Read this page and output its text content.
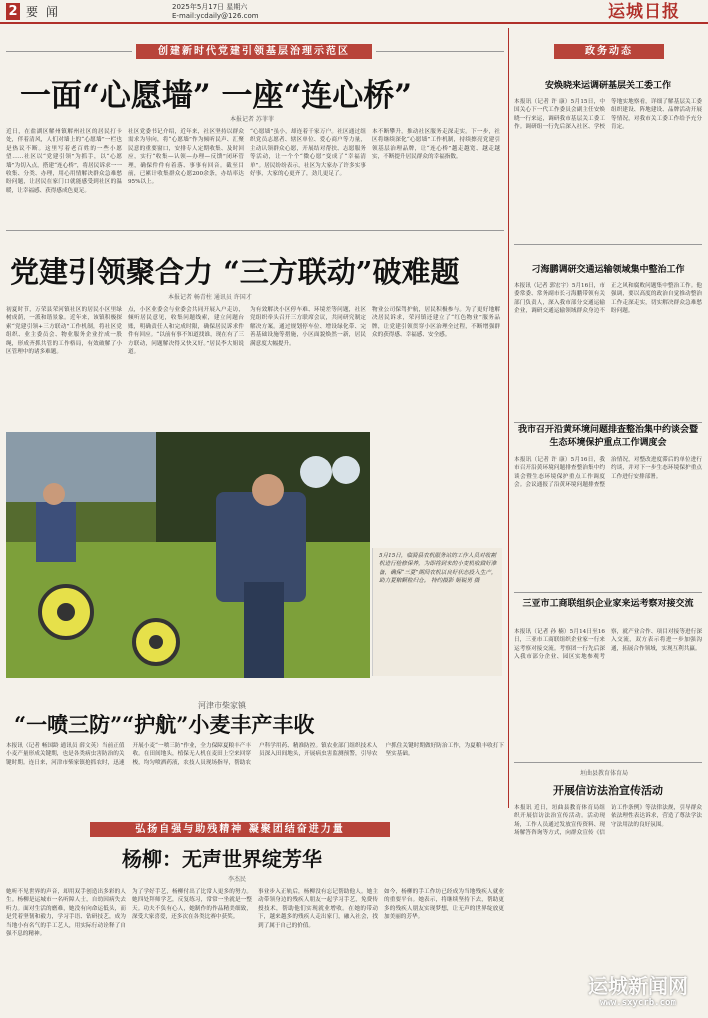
2 要 闻	2025年5月17日 星期六
E-mail:ycdaily@126.com	运城日报
创建新时代党建引领基层治理示范区
一面“心愿墙” 一座“连心桥”
本报记者 苏菲菲
近日，在盐湖区解州镇解州社区的居民打卡处，伴着清风，人们对墙上的“心愿墙”一栏也是热议不断。这里写着老百姓的一些小愿望……社区以“党建引领”为抓手，以“心愿墙”为切入点，搭建“连心桥”，将居民诉求一一收集、分类、办理，用心用情解决群众急难愁盼问题，让居民在家门口就能感受到社区的温暖，让幸福感、获得感成色更足。
社区党委书记介绍，近年来，社区坚持以群众需求为导向，将“心愿墙”作为倾听民声、汇聚民意的重要窗口，安排专人定期收集、及时回应，实行“收集—认领—办理—反馈”闭环管理，确保件件有着落、事事有回音。截至目前，已累计收集群众心愿200余条，办结率达95%以上。
“心愿墙”虽小，却连着千家万户。社区通过组织党员志愿者、辖区单位、爱心商户等力量，主动认领群众心愿，开展结对帮扶、志愿服务等活动，让一个个“微心愿”变成了“幸福清单”。居民纷纷表示，社区为大家办了许多实事好事，大家的心更齐了，劲儿更足了。
本不断攀升，推动社区服务走深走实。下一步，社区将继续深化“心愿墙”工作机制，持续擦亮党建引领基层治理品牌，让“连心桥”越走越宽、越走越实，不断提升居民群众的幸福指数。
党建引领聚合力 “三方联动”破难题
本报记者 畅青柱 通讯员 许国才
初夏时节，万荣县荣河镇社区的居民小区里绿树成荫，一派和谐景象。近年来，该镇积极探索“党建引领+三方联动”工作机制，将社区党组织、业主委员会、物业服务企业拧成一股绳，形成齐抓共管的工作格局，有效破解了小区管理中的诸多难题。
点，小区业委会与业委会共同开展入户走访，倾听居民意见，收集问题线索，建立问题台账，明确责任人和完成时限，确保居民诉求件件有回应。“以前有事不知道找谁，现在有了三方联动，问题解决得又快又好。”居民李大姐说道。
为有效解决小区停车难、环境差等问题，社区党组织牵头召开三方联席会议，共同研究制定解决方案。通过规划停车位、增设绿化带、完善基础设施等措施，小区面貌焕然一新，居民满意度大幅提升。
物业公司保驾护航，居民积极参与。为了更好地解决居民诉求，荣河镇还建立了“红色物业”服务品牌，让党建引领贯穿小区治理全过程，不断增强群众的获得感、幸福感、安全感。
5月15日，临猗县农机服务站的工作人员对收割机进行检修保养，为即将到来的小麦机收做好准备，确保“三夏”期间农机以良好状态投入生产，助力夏粮颗粒归仓。 特约摄影 姬锐男 摄
河津市柴家镇
“一喷三防”“护航”小麦丰产丰收
本报讯（记者 畅国龄 通讯员 薛文英）当前正值小麦产量形成关键期，也是各类病虫害防治的关键时期。连日来，河津市柴家镇抢抓农时，迅速开展小麦“一喷三防”作业，全力保障夏粮丰产丰收。在田间地头，植保无人机在麦田上空来回穿梭，均匀喷洒药液，农技人员现场指导，帮助农户科学用药、精准防控。镇农业部门组织技术人员深入田间地头，开展病虫害监测预警，引导农户抓住关键时期做好防治工作，为夏粮丰收打下坚实基础。
政务动态
安焕晓来运调研基层关工委工作
本报讯（记者 许 康）5月15日，中国关心下一代工作委员会副主任安焕晓一行来运，调研我市基层关工委工作。调研组一行先后深入社区、学校等地实地察看，详细了解基层关工委组织建设、阵地建设、品牌活动开展等情况，对我市关工委工作给予充分肯定。
刁海鹏调研交通运输领域集中整治工作
本报讯（记者 郭宏宇）5月16日，市委常委、常务副市长刁海鹏带领有关部门负责人，深入我市部分交通运输企业，调研交通运输领域群众身边不正之风和腐败问题集中整治工作。他强调，要以高度的政治自觉推动整治工作走深走实，切实解决群众急难愁盼问题。
我市召开沿黄环境问题排查整治集中约谈会暨生态环境保护重点工作调度会
本报讯（记者 许 康）5月16日，我市召开沿黄环境问题排查整治集中约谈会暨生态环境保护重点工作调度会。会议通报了沿黄环境问题排查整治情况，对整改进度滞后的单位进行约谈，并对下一步生态环境保护重点工作进行安排部署。
三亚市工商联组织企业家来运考察对接交流
本报讯（记者 孙 楠）5月14日至16日，三亚市工商联组织企业家一行来运考察对接交流。考察团一行先后深入我市部分企业、园区实地参观考察，就产业合作、项目对接等进行深入交流，双方表示将进一步加强沟通，拓展合作领域，实现互利共赢。
垣曲县教育体育局
开展信访法治宣传活动
本报讯 近日，垣曲县教育体育局组织开展信访法治宣传活动。活动现场，工作人员通过发放宣传资料、现场解答咨询等方式，向群众宣传《信访工作条例》等法律法规，引导群众依法理性表达诉求，营造了尊法学法守法用法的良好氛围。
弘扬自强与助残精神 凝聚团结奋进力量
杨柳：无声世界绽芳华
李杰民
她听不见世界的声音，却用双手创造出多彩的人生。杨柳是运城市一名听障人士，自幼因病失去听力。面对生活的磨难，她没有向命运低头，而是凭着坚韧和毅力，学习手语、钻研技艺，成为当地小有名气的手工艺人，用实际行动诠释了自强不息的精神。
为了学好手艺，杨柳付出了比常人更多的努力。她四处拜师学艺，反复练习，常常一坐就是一整天。功夫不负有心人，她制作的作品精美细致，深受大家喜爱，还多次在各类比赛中获奖。
事业步入正轨后，杨柳没有忘记帮助他人。她主动带领身边的残疾人朋友一起学习手艺，免费传授技术，帮助他们实现就业增收。在她的带动下，越来越多的残疾人走出家门，融入社会，找到了属于自己的价值。
如今，杨柳的手工作坊已经成为当地残疾人就业的重要平台。她表示，将继续坚持下去，帮助更多的残疾人朋友实现梦想，让无声的世界绽放更加美丽的芳华。
运城新闻网
www.sxycrb.com
